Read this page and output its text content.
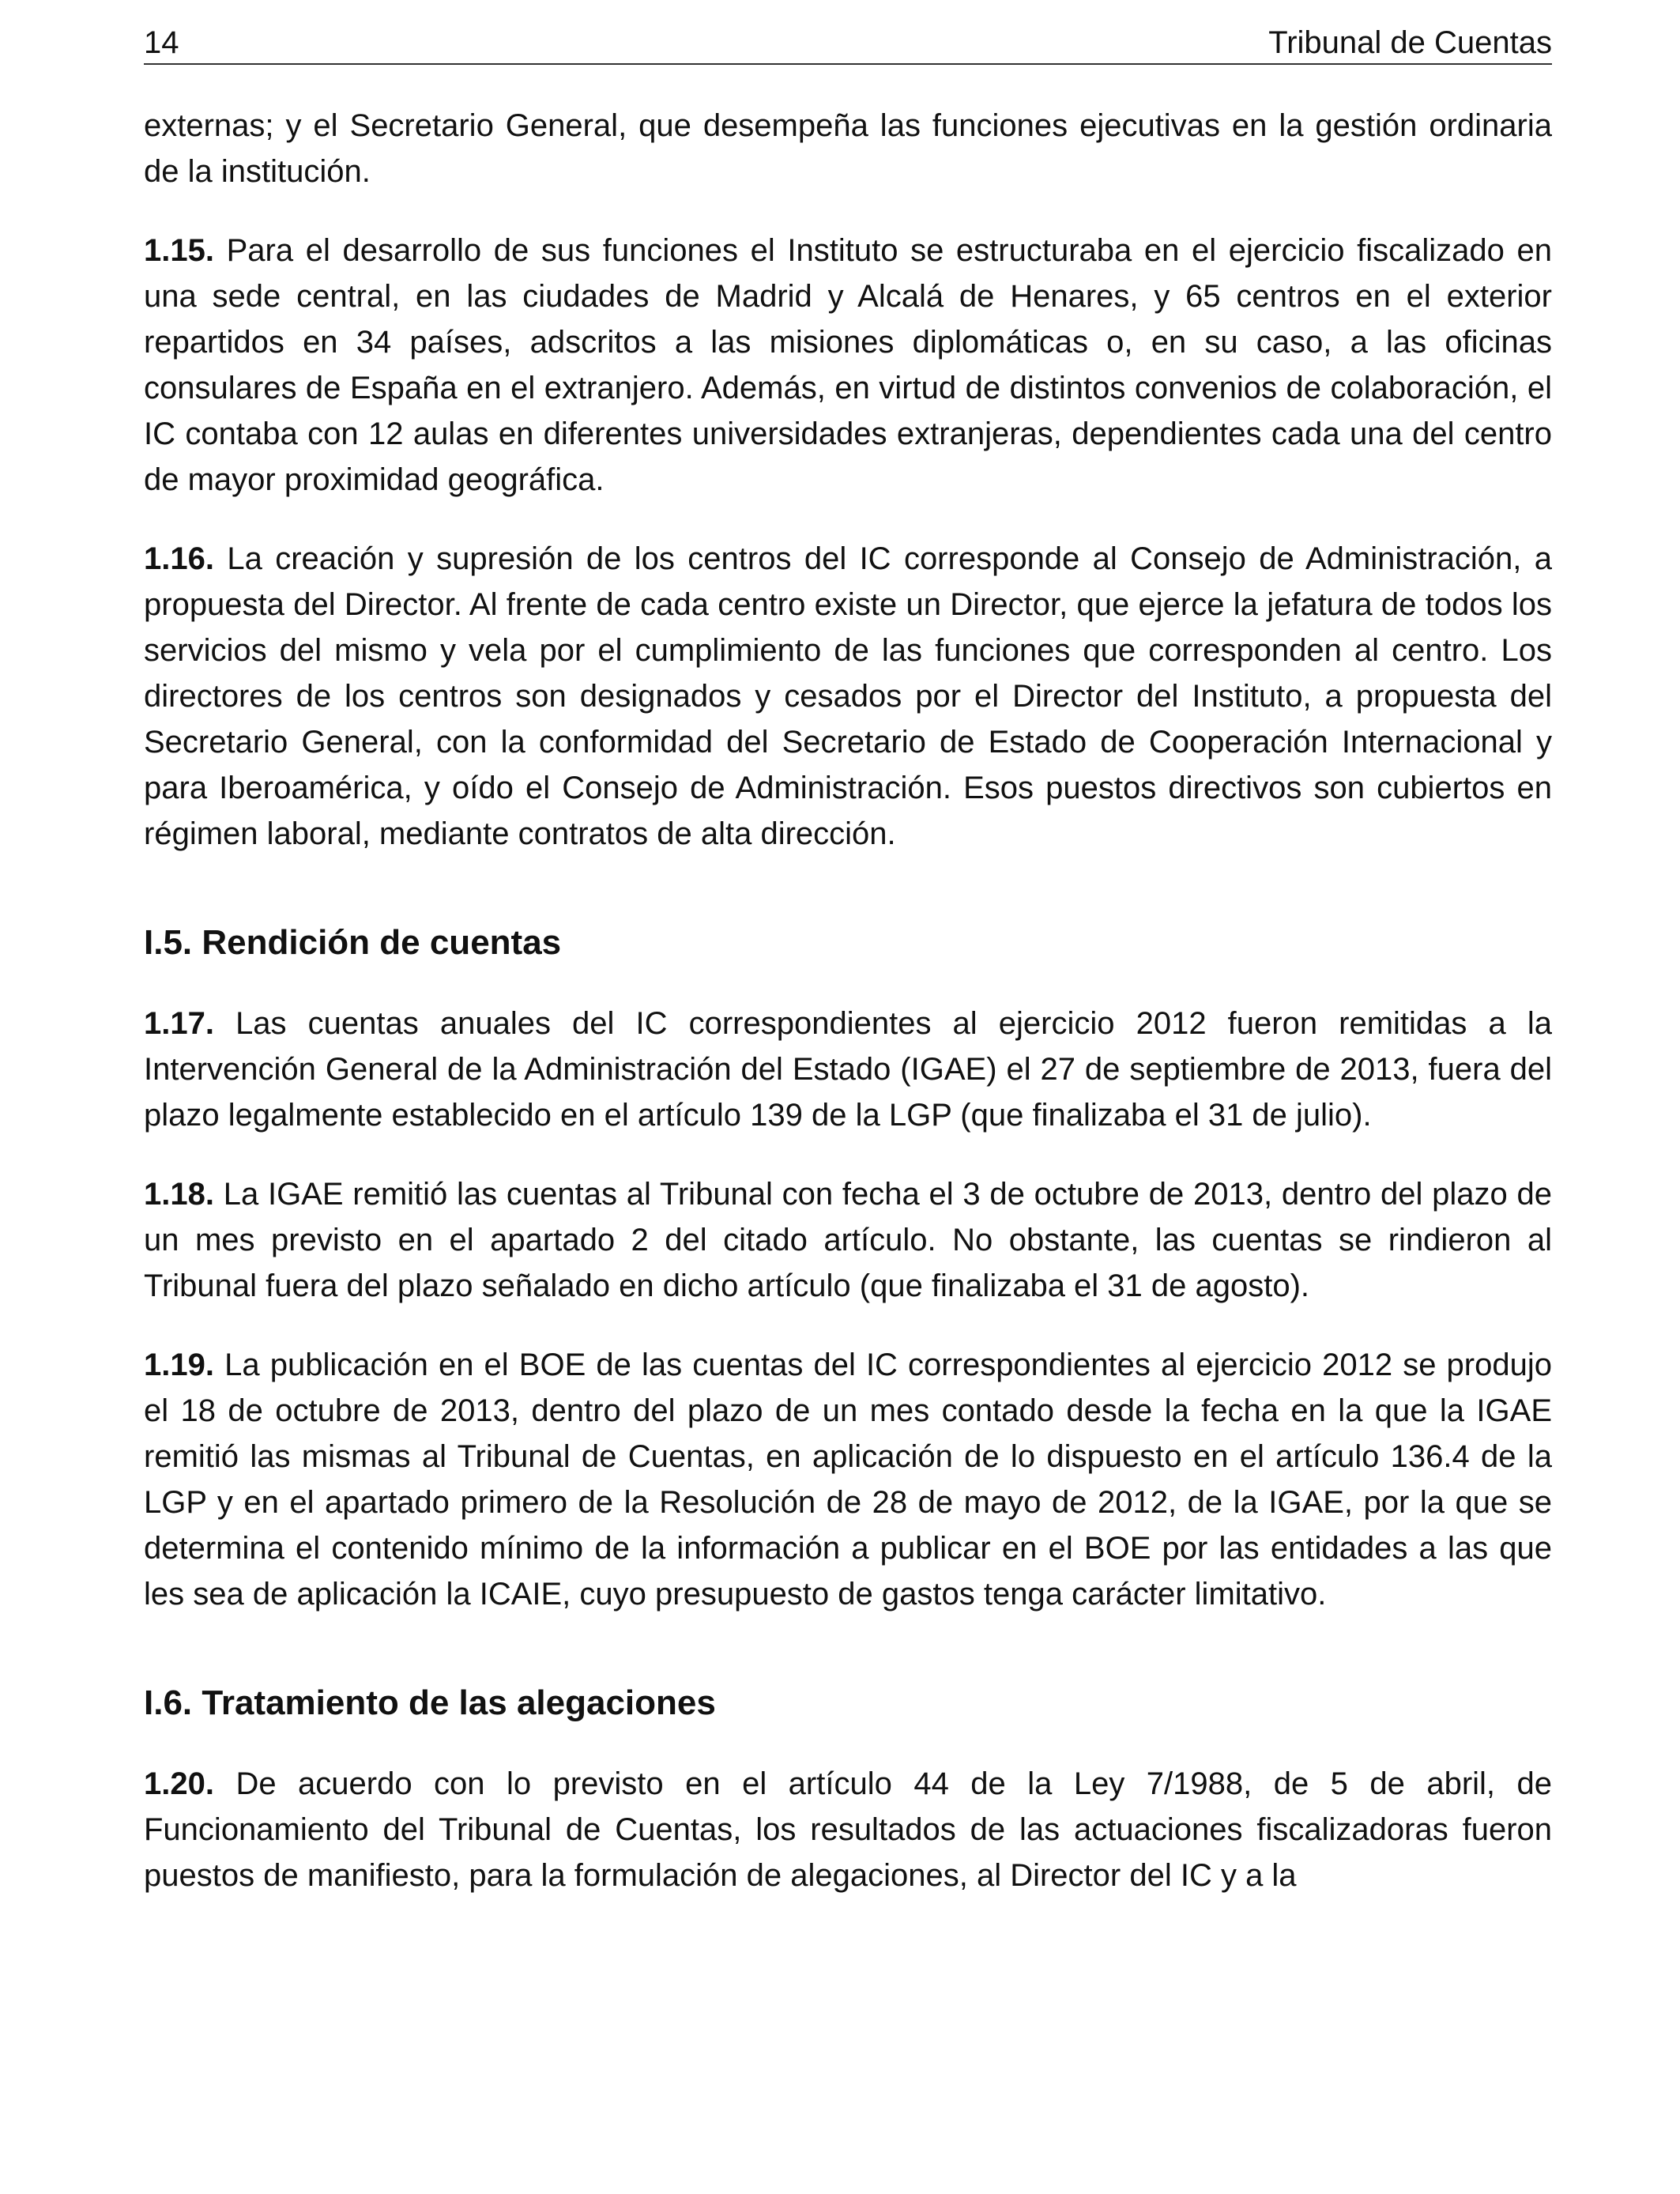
14	Tribunal de Cuentas

externas; y el Secretario General, que desempeña las funciones ejecutivas en la gestión ordinaria de la institución.

1.15. Para el desarrollo de sus funciones el Instituto se estructuraba en el ejercicio fiscalizado en una sede central, en las ciudades de Madrid y Alcalá de Henares, y 65 centros en el exterior repartidos en 34 países, adscritos a las misiones diplomáticas o, en su caso, a las oficinas consulares de España en el extranjero. Además, en virtud de distintos convenios de colaboración, el IC contaba con 12 aulas en diferentes universidades extranjeras, dependientes cada una del centro de mayor proximidad geográfica.

1.16. La creación y supresión de los centros del IC corresponde al Consejo de Administración, a propuesta del Director. Al frente de cada centro existe un Director, que ejerce la jefatura de todos los servicios del mismo y vela por el cumplimiento de las funciones que corresponden al centro. Los directores de los centros son designados y cesados por el Director del Instituto, a propuesta del Secretario General, con la conformidad del Secretario de Estado de Cooperación Internacional y para Iberoamérica, y oído el Consejo de Administración. Esos puestos directivos son cubiertos en régimen laboral, mediante contratos de alta dirección.

I.5. Rendición de cuentas

1.17. Las cuentas anuales del IC correspondientes al ejercicio 2012 fueron remitidas a la Intervención General de la Administración del Estado (IGAE) el 27 de septiembre de 2013, fuera del plazo legalmente establecido en el artículo 139 de la LGP (que finalizaba el 31 de julio).

1.18. La IGAE remitió las cuentas al Tribunal con fecha el 3 de octubre de 2013, dentro del plazo de un mes previsto en el apartado 2 del citado artículo. No obstante, las cuentas se rindieron al Tribunal fuera del plazo señalado en dicho artículo (que finalizaba el 31 de agosto).

1.19. La publicación en el BOE de las cuentas del IC correspondientes al ejercicio 2012 se produjo el 18 de octubre de 2013, dentro del plazo de un mes contado desde la fecha en la que la IGAE remitió las mismas al Tribunal de Cuentas, en aplicación de lo dispuesto en el artículo 136.4 de la LGP y en el apartado primero de la Resolución de 28 de mayo de 2012, de la IGAE, por la que se determina el contenido mínimo de la información a publicar en el BOE por las entidades a las que les sea de aplicación la ICAIE, cuyo presupuesto de gastos tenga carácter limitativo.

I.6. Tratamiento de las alegaciones

1.20. De acuerdo con lo previsto en el artículo 44 de la Ley 7/1988, de 5 de abril, de Funcionamiento del Tribunal de Cuentas, los resultados de las actuaciones fiscalizadoras fueron puestos de manifiesto, para la formulación de alegaciones, al Director del IC y a la
